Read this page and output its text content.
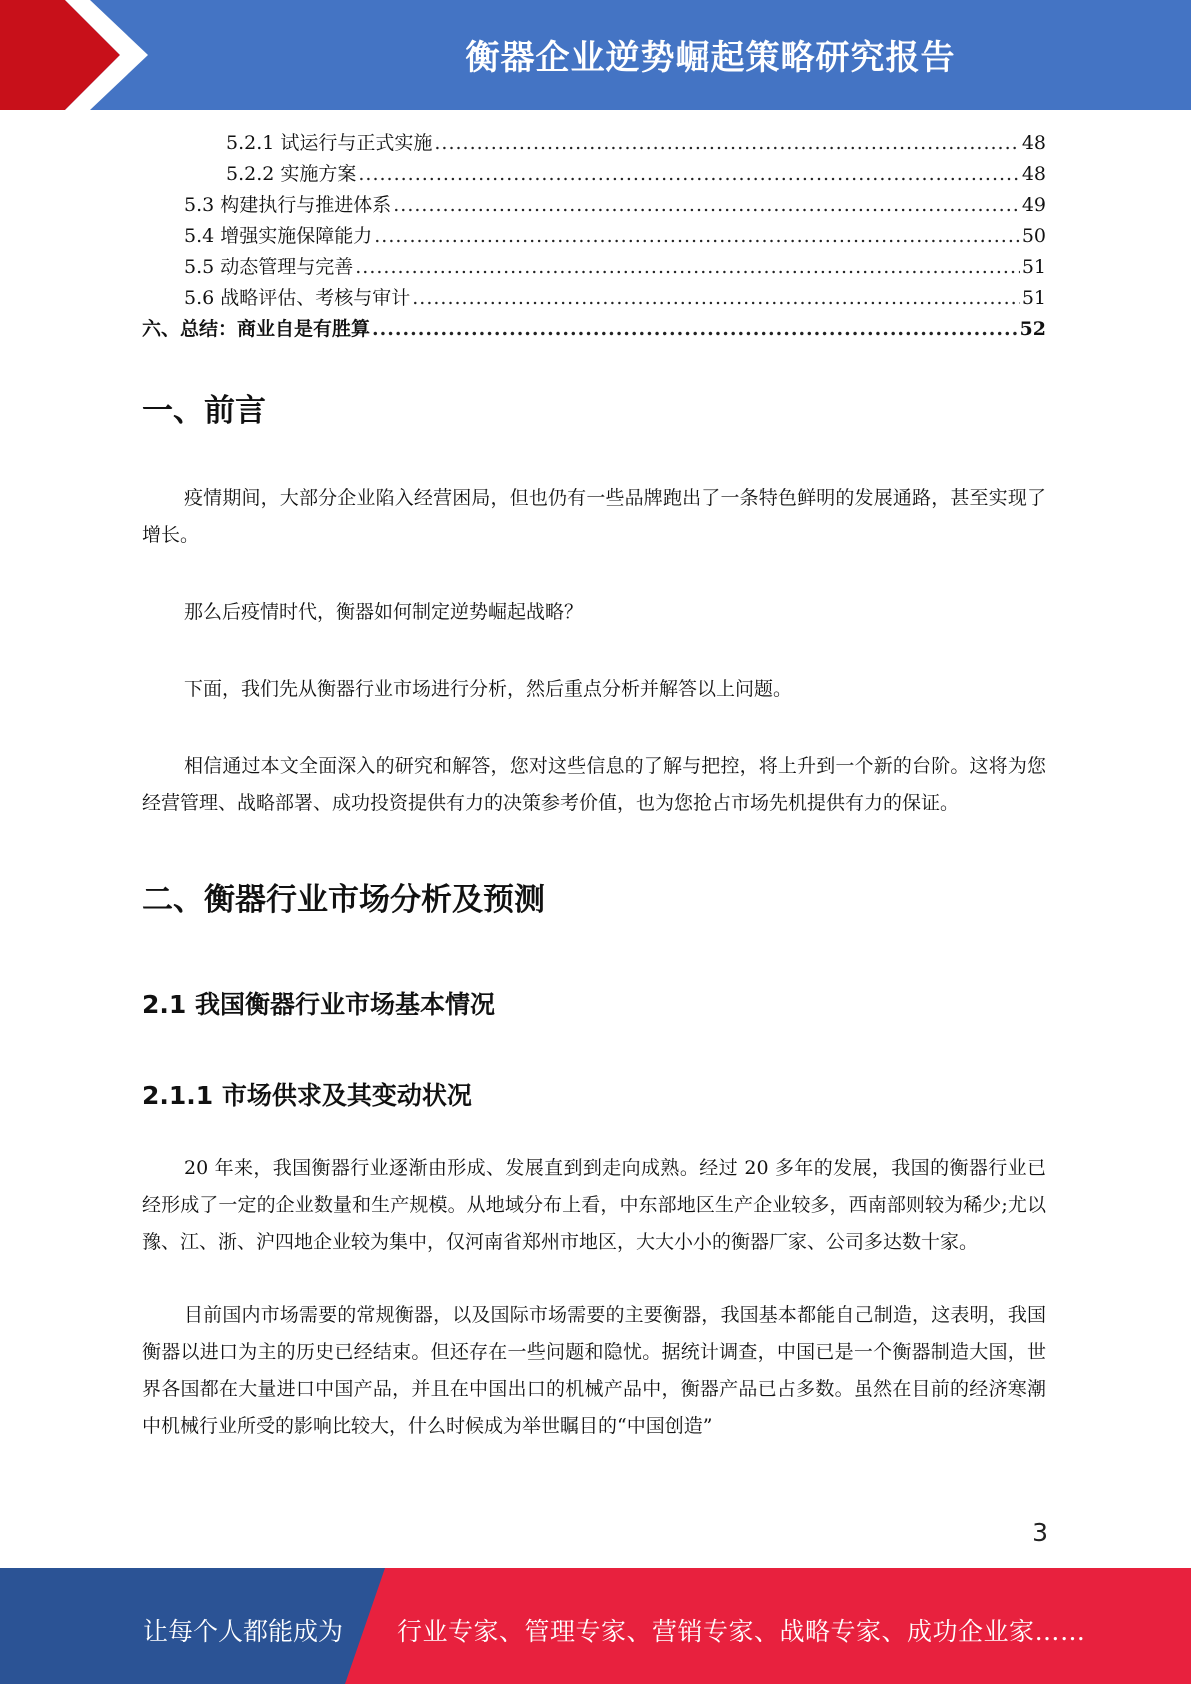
衡器企业逆势崛起策略研究报告
5.2.1 试运行与正式实施 .....	48
5.2.2 实施方案 .....	48
5.3 构建执行与推进体系 .....	49
5.4 增强实施保障能力 .....	50
5.5 动态管理与完善 .....	51
5.6 战略评估、考核与审计 .....	51
六、总结：商业自是有胜算 .....	52
一、前言

疫情期间，大部分企业陷入经营困局，但也仍有一些品牌跑出了一条特色鲜明的发展通路，甚至实现了增长。

那么后疫情时代，衡器如何制定逆势崛起战略？

下面，我们先从衡器行业市场进行分析，然后重点分析并解答以上问题。

相信通过本文全面深入的研究和解答，您对这些信息的了解与把控，将上升到一个新的台阶。这将为您经营管理、战略部署、成功投资提供有力的决策参考价值，也为您抢占市场先机提供有力的保证。

二、衡器行业市场分析及预测
2.1 我国衡器行业市场基本情况
2.1.1 市场供求及其变动状况

20 年来，我国衡器行业逐渐由形成、发展直到到走向成熟。经过 20 多年的发展，我国的衡器行业已经形成了一定的企业数量和生产规模。从地域分布上看，中东部地区生产企业较多，西南部则较为稀少;尤以豫、江、浙、沪四地企业较为集中，仅河南省郑州市地区，大大小小的衡器厂家、公司多达数十家。

目前国内市场需要的常规衡器，以及国际市场需要的主要衡器，我国基本都能自己制造，这表明，我国衡器以进口为主的历史已经结束。但还存在一些问题和隐忧。据统计调查，中国已是一个衡器制造大国，世界各国都在大量进口中国产品，并且在中国出口的机械产品中，衡器产品已占多数。虽然在目前的经济寒潮中机械行业所受的影响比较大，什么时候成为举世瞩目的“中国创造”

3
让每个人都能成为 行业专家、管理专家、营销专家、战略专家、成功企业家……
